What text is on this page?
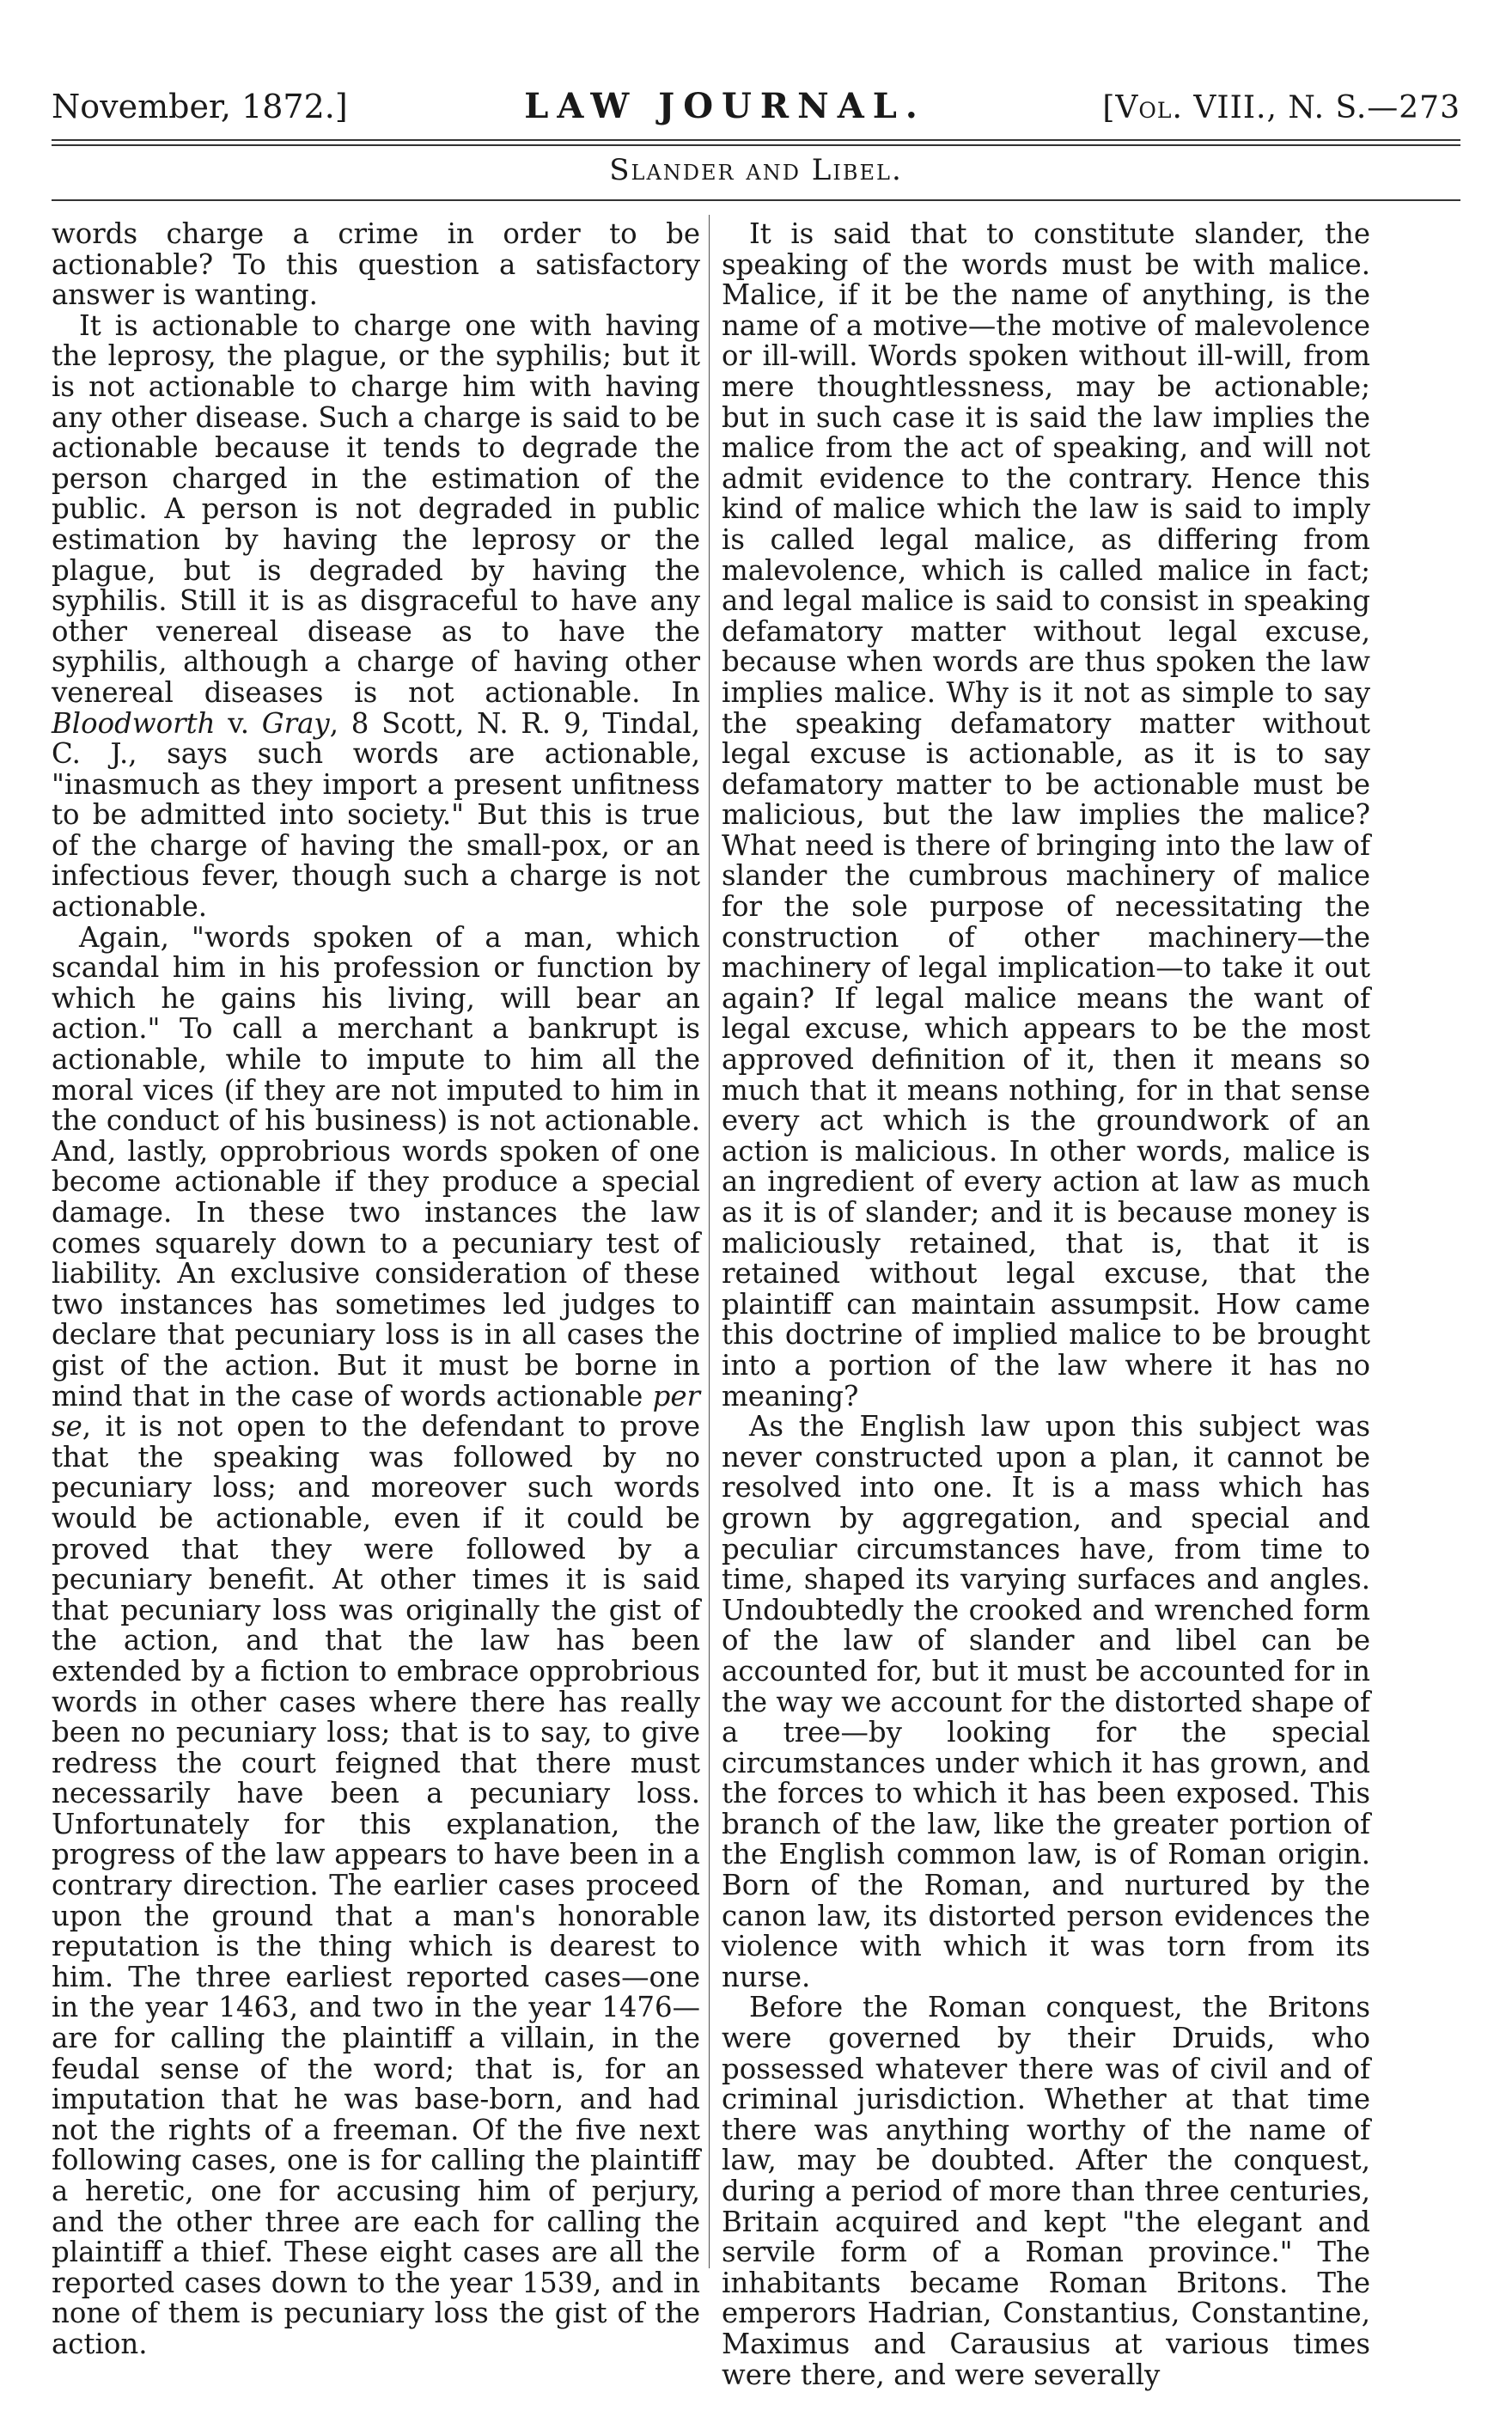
November, 1872.]	LAW JOURNAL.	[Vol. VIII., N. S.—273
Slander and Libel.

words charge a crime in order to be actionable? To this question a satisfactory answer is wanting.

It is actionable to charge one with having the leprosy, the plague, or the syphilis; but it is not actionable to charge him with having any other disease. Such a charge is said to be actionable because it tends to degrade the person charged in the estimation of the public. A person is not degraded in public estimation by having the leprosy or the plague, but is degraded by having the syphilis. Still it is as disgraceful to have any other venereal disease as to have the syphilis, although a charge of having other venereal diseases is not actionable. In Bloodworth v. Gray, 8 Scott, N. R. 9, Tindal, C. J., says such words are actionable, "inasmuch as they import a present unfitness to be admitted into society." But this is true of the charge of having the small-pox, or an infectious fever, though such a charge is not actionable.

Again, "words spoken of a man, which scandal him in his profession or function by which he gains his living, will bear an action." To call a merchant a bankrupt is actionable, while to impute to him all the moral vices (if they are not imputed to him in the conduct of his business) is not actionable. And, lastly, opprobrious words spoken of one become actionable if they produce a special damage. In these two instances the law comes squarely down to a pecuniary test of liability. An exclusive consideration of these two instances has sometimes led judges to declare that pecuniary loss is in all cases the gist of the action. But it must be borne in mind that in the case of words actionable per se, it is not open to the defendant to prove that the speaking was followed by no pecuniary loss; and moreover such words would be actionable, even if it could be proved that they were followed by a pecuniary benefit. At other times it is said that pecuniary loss was originally the gist of the action, and that the law has been extended by a fiction to embrace opprobrious words in other cases where there has really been no pecuniary loss; that is to say, to give redress the court feigned that there must necessarily have been a pecuniary loss. Unfortunately for this explanation, the progress of the law appears to have been in a contrary direction. The earlier cases proceed upon the ground that a man's honorable reputation is the thing which is dearest to him. The three earliest reported cases—one in the year 1463, and two in the year 1476—are for calling the plaintiff a villain, in the feudal sense of the word; that is, for an imputation that he was base-born, and had not the rights of a freeman. Of the five next following cases, one is for calling the plaintiff a heretic, one for accusing him of perjury, and the other three are each for calling the plaintiff a thief. These eight cases are all the reported cases down to the year 1539, and in none of them is pecuniary loss the gist of the action.

It is said that to constitute slander, the speaking of the words must be with malice. Malice, if it be the name of anything, is the name of a motive—the motive of malevolence or ill-will. Words spoken without ill-will, from mere thoughtlessness, may be actionable; but in such case it is said the law implies the malice from the act of speaking, and will not admit evidence to the contrary. Hence this kind of malice which the law is said to imply is called legal malice, as differing from malevolence, which is called malice in fact; and legal malice is said to consist in speaking defamatory matter without legal excuse, because when words are thus spoken the law implies malice. Why is it not as simple to say the speaking defamatory matter without legal excuse is actionable, as it is to say defamatory matter to be actionable must be malicious, but the law implies the malice? What need is there of bringing into the law of slander the cumbrous machinery of malice for the sole purpose of necessitating the construction of other machinery—the machinery of legal implication—to take it out again? If legal malice means the want of legal excuse, which appears to be the most approved definition of it, then it means so much that it means nothing, for in that sense every act which is the groundwork of an action is malicious. In other words, malice is an ingredient of every action at law as much as it is of slander; and it is because money is maliciously retained, that is, that it is retained without legal excuse, that the plaintiff can maintain assumpsit. How came this doctrine of implied malice to be brought into a portion of the law where it has no meaning?

As the English law upon this subject was never constructed upon a plan, it cannot be resolved into one. It is a mass which has grown by aggregation, and special and peculiar circumstances have, from time to time, shaped its varying surfaces and angles. Undoubtedly the crooked and wrenched form of the law of slander and libel can be accounted for, but it must be accounted for in the way we account for the distorted shape of a tree—by looking for the special circumstances under which it has grown, and the forces to which it has been exposed. This branch of the law, like the greater portion of the English common law, is of Roman origin. Born of the Roman, and nurtured by the canon law, its distorted person evidences the violence with which it was torn from its nurse.

Before the Roman conquest, the Britons were governed by their Druids, who possessed whatever there was of civil and of criminal jurisdiction. Whether at that time there was anything worthy of the name of law, may be doubted. After the conquest, during a period of more than three centuries, Britain acquired and kept "the elegant and servile form of a Roman province." The inhabitants became Roman Britons. The emperors Hadrian, Constantius, Constantine, Maximus and Carausius at various times were there, and were severally
